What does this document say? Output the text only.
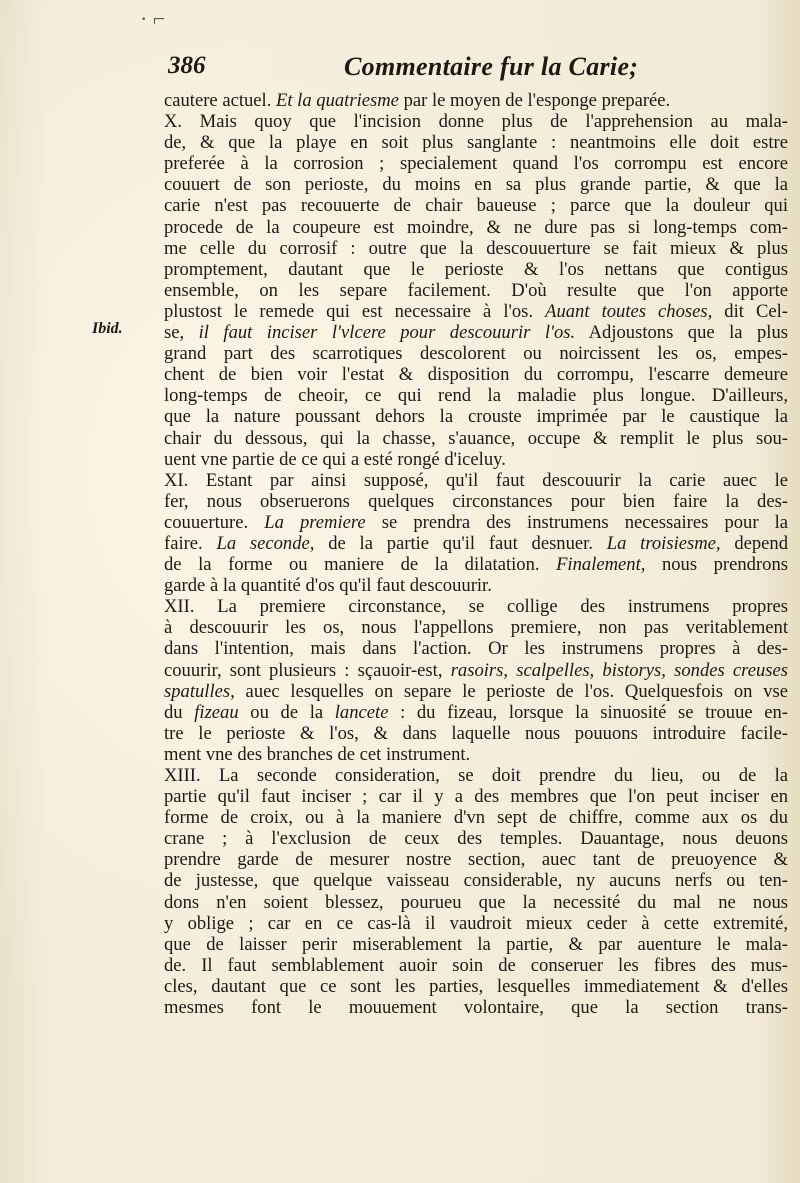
· ⌐
386	Commentaire fur la Carie;
Ibid.
cautere actuel. Et la quatriesme par le moyen de l'esponge preparée.
X. Mais quoy que l'incision donne plus de l'apprehension au mala-
de, & que la playe en soit plus sanglante : neantmoins elle doit estre
preferée à la corrosion ; specialement quand l'os corrompu est encore
couuert de son perioste, du moins en sa plus grande partie, & que la
carie n'est pas recouuerte de chair baueuse ; parce que la douleur qui
procede de la coupeure est moindre, & ne dure pas si long-temps com-
me celle du corrosif : outre que la descouuerture se fait mieux & plus
promptement, dautant que le perioste & l'os nettans que contigus
ensemble, on les separe facilement. D'où resulte que l'on apporte
plustost le remede qui est necessaire à l'os. Auant toutes choses, dit Cel-
se, il faut inciser l'vlcere pour descouurir l'os. Adjoustons que la plus
grand part des scarrotiques descolorent ou noircissent les os, empes-
chent de bien voir l'estat & disposition du corrompu, l'escarre demeure
long-temps de cheoir, ce qui rend la maladie plus longue. D'ailleurs,
que la nature poussant dehors la crouste imprimée par le caustique la
chair du dessous, qui la chasse, s'auance, occupe & remplit le plus sou-
uent vne partie de ce qui a esté rongé d'iceluy.
XI. Estant par ainsi supposé, qu'il faut descouurir la carie auec le
fer, nous obseruerons quelques circonstances pour bien faire la des-
couuerture. La premiere se prendra des instrumens necessaires pour la
faire. La seconde, de la partie qu'il faut desnuer. La troisiesme, depend
de la forme ou maniere de la dilatation. Finalement, nous prendrons
garde à la quantité d'os qu'il faut descouurir.
XII. La premiere circonstance, se collige des instrumens propres
à descouurir les os, nous l'appellons premiere, non pas veritablement
dans l'intention, mais dans l'action. Or les instrumens propres à des-
couurir, sont plusieurs : sçauoir-est, rasoirs, scalpelles, bistorys, sondes creuses
spatulles, auec lesquelles on separe le perioste de l'os. Quelquesfois on vse
du fizeau ou de la lancete : du fizeau, lorsque la sinuosité se trouue en-
tre le perioste & l'os, & dans laquelle nous pouuons introduire facile-
ment vne des branches de cet instrument.
XIII. La seconde consideration, se doit prendre du lieu, ou de la
partie qu'il faut inciser ; car il y a des membres que l'on peut inciser en
forme de croix, ou à la maniere d'vn sept de chiffre, comme aux os du
crane ; à l'exclusion de ceux des temples. Dauantage, nous deuons
prendre garde de mesurer nostre section, auec tant de preuoyence &
de justesse, que quelque vaisseau considerable, ny aucuns nerfs ou ten-
dons n'en soient blessez, pourueu que la necessité du mal ne nous
y oblige ; car en ce cas-là il vaudroit mieux ceder à cette extremité,
que de laisser perir miserablement la partie, & par auenture le mala-
de. Il faut semblablement auoir soin de conseruer les fibres des mus-
cles, dautant que ce sont les parties, lesquelles immediatement & d'elles
mesmes font le mouuement volontaire, que la section trans-
